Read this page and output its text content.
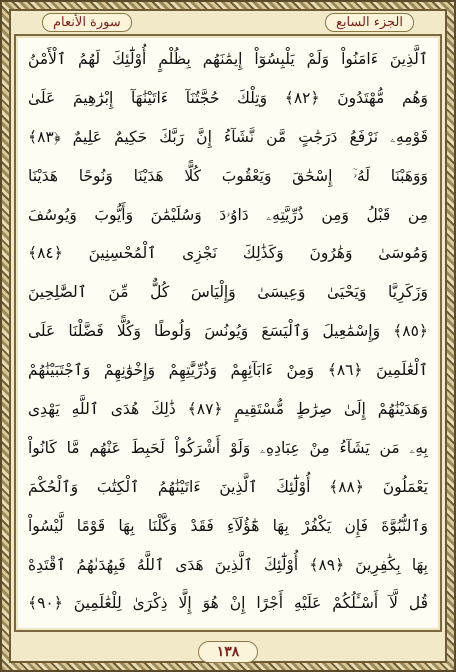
سورة الأنعام	الجزء السابع
ٱلَّذِينَ ءَامَنُواْ وَلَمْ يَلْبِسُوٓاْ إِيمَٰنَهُم بِظُلْمٍ أُوْلَٰٓئِكَ لَهُمُ ٱلْأَمْنُ
وَهُم مُّهْتَدُونَ ﴿٨٢﴾ وَتِلْكَ حُجَّتُنَآ ءَاتَيْنَٰهَآ إِبْرَٰهِيمَ عَلَىٰ
قَوْمِهِۦ نَرْفَعُ دَرَجَٰتٍ مَّن نَّشَآءُ إِنَّ رَبَّكَ حَكِيمٌ عَلِيمٌ ﴿٨٣﴾
وَوَهَبْنَا لَهُۥٓ إِسْحَٰقَ وَيَعْقُوبَ كُلًّا هَدَيْنَا وَنُوحًا هَدَيْنَا
مِن قَبْلُ وَمِن ذُرِّيَّتِهِۦ دَاوُۥدَ وَسُلَيْمَٰنَ وَأَيُّوبَ وَيُوسُفَ
وَمُوسَىٰ وَهَٰرُونَ وَكَذَٰلِكَ نَجْزِى ٱلْمُحْسِنِينَ ﴿٨٤﴾
وَزَكَرِيَّا وَيَحْيَىٰ وَعِيسَىٰ وَإِلْيَاسَ كُلٌّ مِّنَ ٱلصَّٰلِحِينَ
﴿٨٥﴾ وَإِسْمَٰعِيلَ وَٱلْيَسَعَ وَيُونُسَ وَلُوطًا وَكُلًّا فَضَّلْنَا عَلَى
ٱلْعَٰلَمِينَ ﴿٨٦﴾ وَمِنْ ءَابَآئِهِمْ وَذُرِّيَّٰتِهِمْ وَإِخْوَٰنِهِمْ وَٱجْتَبَيْنَٰهُمْ
وَهَدَيْنَٰهُمْ إِلَىٰ صِرَٰطٍ مُّسْتَقِيمٍ ﴿٨٧﴾ ذَٰلِكَ هُدَى ٱللَّهِ يَهْدِى
بِهِۦ مَن يَشَآءُ مِنْ عِبَادِهِۦ وَلَوْ أَشْرَكُواْ لَحَبِطَ عَنْهُم مَّا كَانُواْ
يَعْمَلُونَ ﴿٨٨﴾ أُوْلَٰٓئِكَ ٱلَّذِينَ ءَاتَيْنَٰهُمُ ٱلْكِتَٰبَ وَٱلْحُكْمَ
وَٱلنُّبُوَّةَ فَإِن يَكْفُرْ بِهَا هَٰٓؤُلَآءِ فَقَدْ وَكَّلْنَا بِهَا قَوْمًا لَّيْسُواْ
بِهَا بِكَٰفِرِينَ ﴿٨٩﴾ أُوْلَٰٓئِكَ ٱلَّذِينَ هَدَى ٱللَّهُ فَبِهُدَىٰهُمُ ٱقْتَدِهْ
قُل لَّآ أَسْـَٔلُكُمْ عَلَيْهِ أَجْرًا إِنْ هُوَ إِلَّا ذِكْرَىٰ لِلْعَٰلَمِينَ ﴿٩٠﴾
١٣٨
